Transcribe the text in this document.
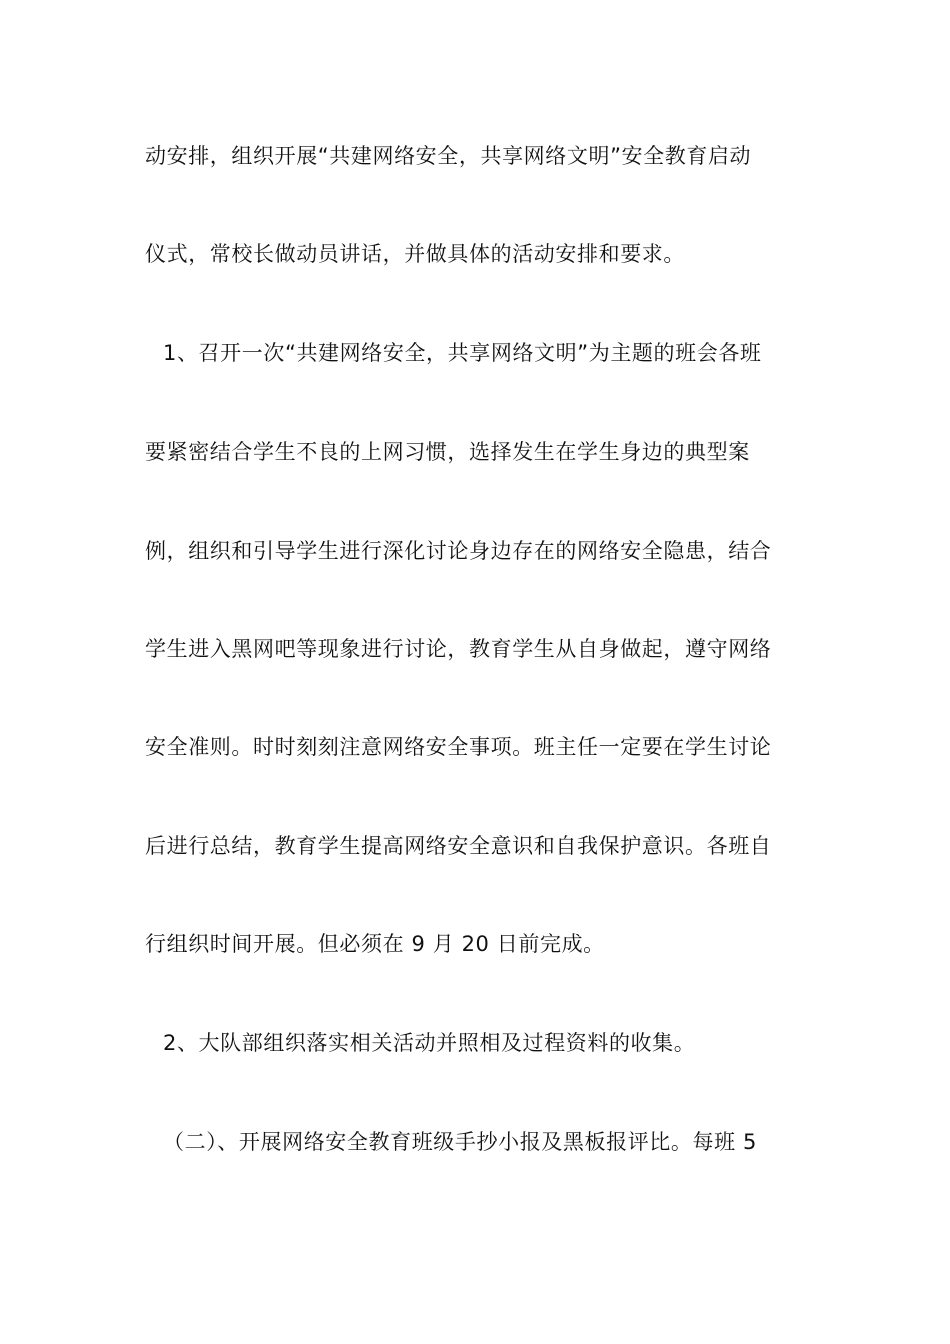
动安排，组织开展“共建网络安全，共享网络文明”安全教育启动
仪式，常校长做动员讲话，并做具体的活动安排和要求。
1、召开一次“共建网络安全，共享网络文明”为主题的班会各班
要紧密结合学生不良的上网习惯，选择发生在学生身边的典型案
例，组织和引导学生进行深化讨论身边存在的网络安全隐患，结合
学生进入黑网吧等现象进行讨论，教育学生从自身做起，遵守网络
安全准则。时时刻刻注意网络安全事项。班主任一定要在学生讨论
后进行总结，教育学生提高网络安全意识和自我保护意识。各班自
行组织时间开展。但必须在 9 月 20 日前完成。
2、大队部组织落实相关活动并照相及过程资料的收集。
（二）、开展网络安全教育班级手抄小报及黑板报评比。每班 5
